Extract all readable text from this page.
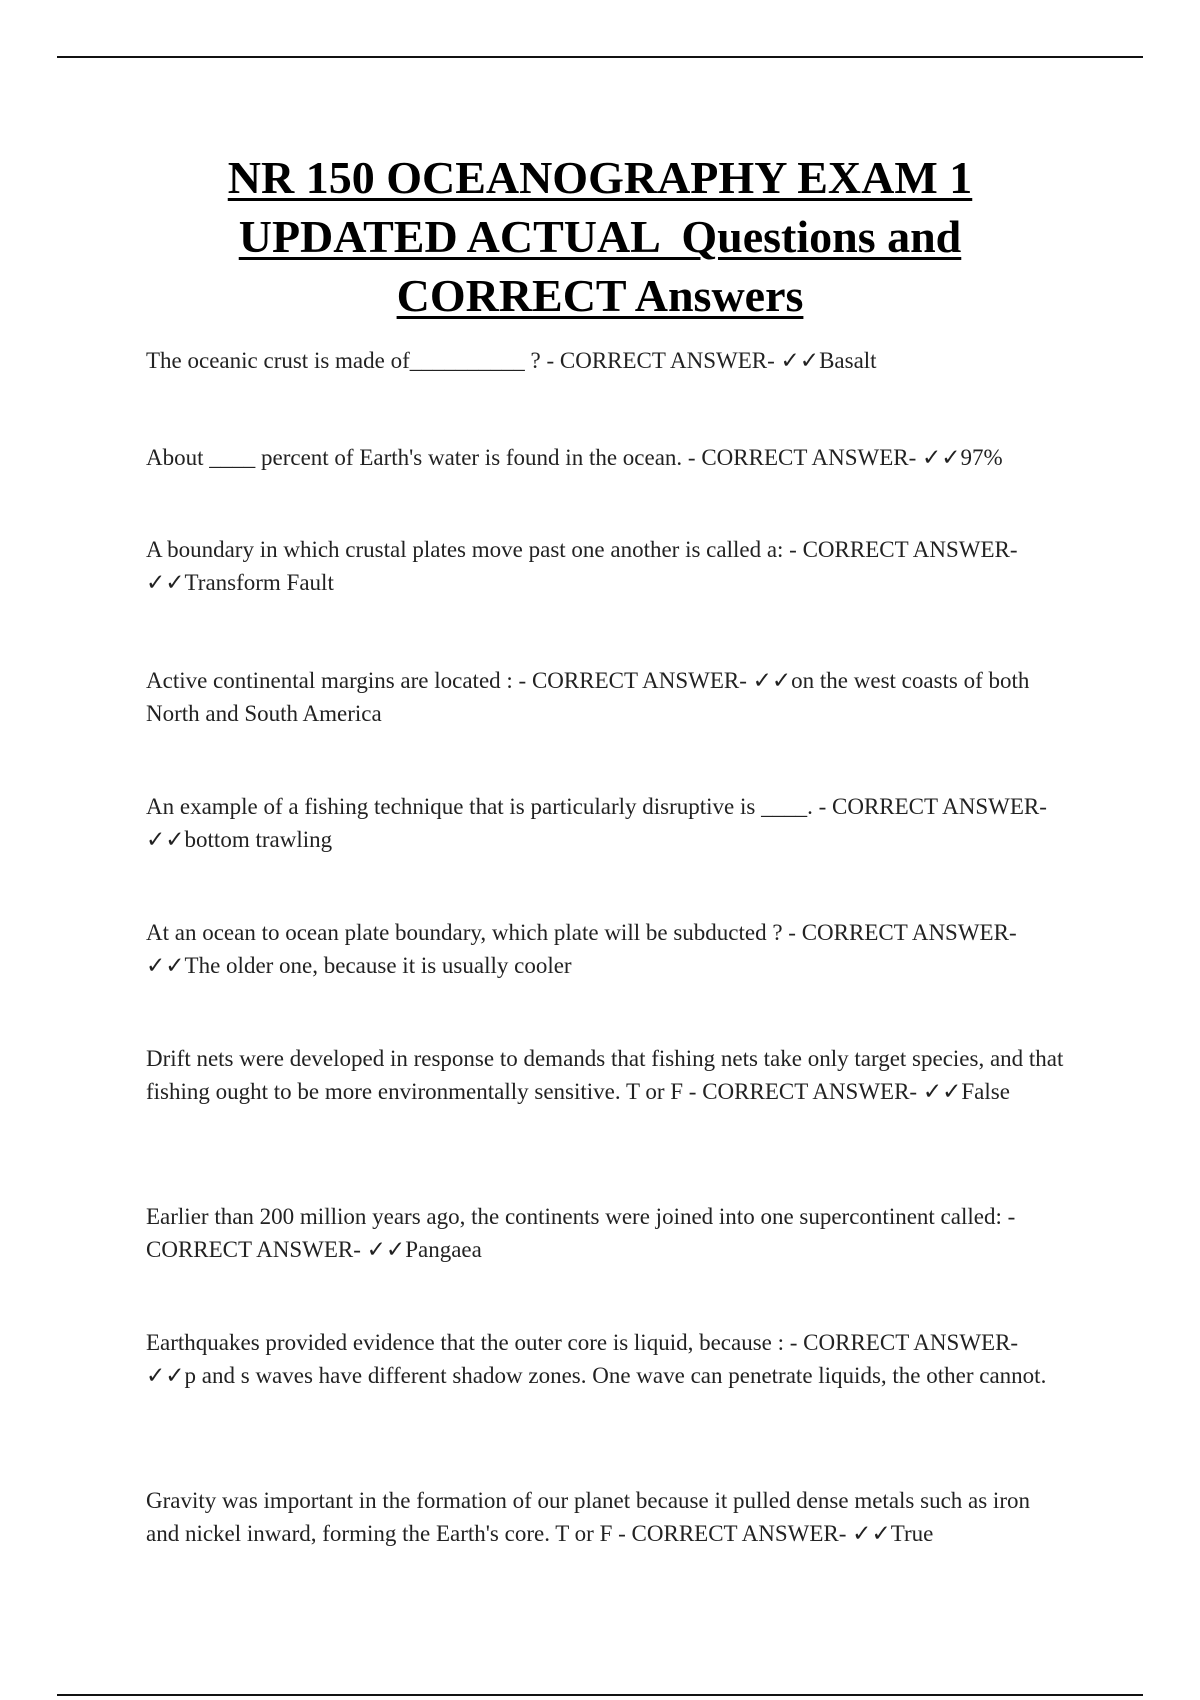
NR 150 OCEANOGRAPHY EXAM 1
UPDATED ACTUAL  Questions and
CORRECT Answers

The oceanic crust is made of__________ ? - CORRECT ANSWER- ✓✓Basalt

About ____ percent of Earth's water is found in the ocean. - CORRECT ANSWER- ✓✓97%

A boundary in which crustal plates move past one another is called a: - CORRECT ANSWER- ✓✓Transform Fault

Active continental margins are located : - CORRECT ANSWER- ✓✓on the west coasts of both North and South America

An example of a fishing technique that is particularly disruptive is ____. - CORRECT ANSWER- ✓✓bottom trawling

At an ocean to ocean plate boundary, which plate will be subducted ? - CORRECT ANSWER- ✓✓The older one, because it is usually cooler

Drift nets were developed in response to demands that fishing nets take only target species, and that fishing ought to be more environmentally sensitive. T or F - CORRECT ANSWER- ✓✓False

Earlier than 200 million years ago, the continents were joined into one supercontinent called: - CORRECT ANSWER- ✓✓Pangaea

Earthquakes provided evidence that the outer core is liquid, because : - CORRECT ANSWER- ✓✓p and s waves have different shadow zones. One wave can penetrate liquids, the other cannot.

Gravity was important in the formation of our planet because it pulled dense metals such as iron and nickel inward, forming the Earth's core. T or F - CORRECT ANSWER- ✓✓True
